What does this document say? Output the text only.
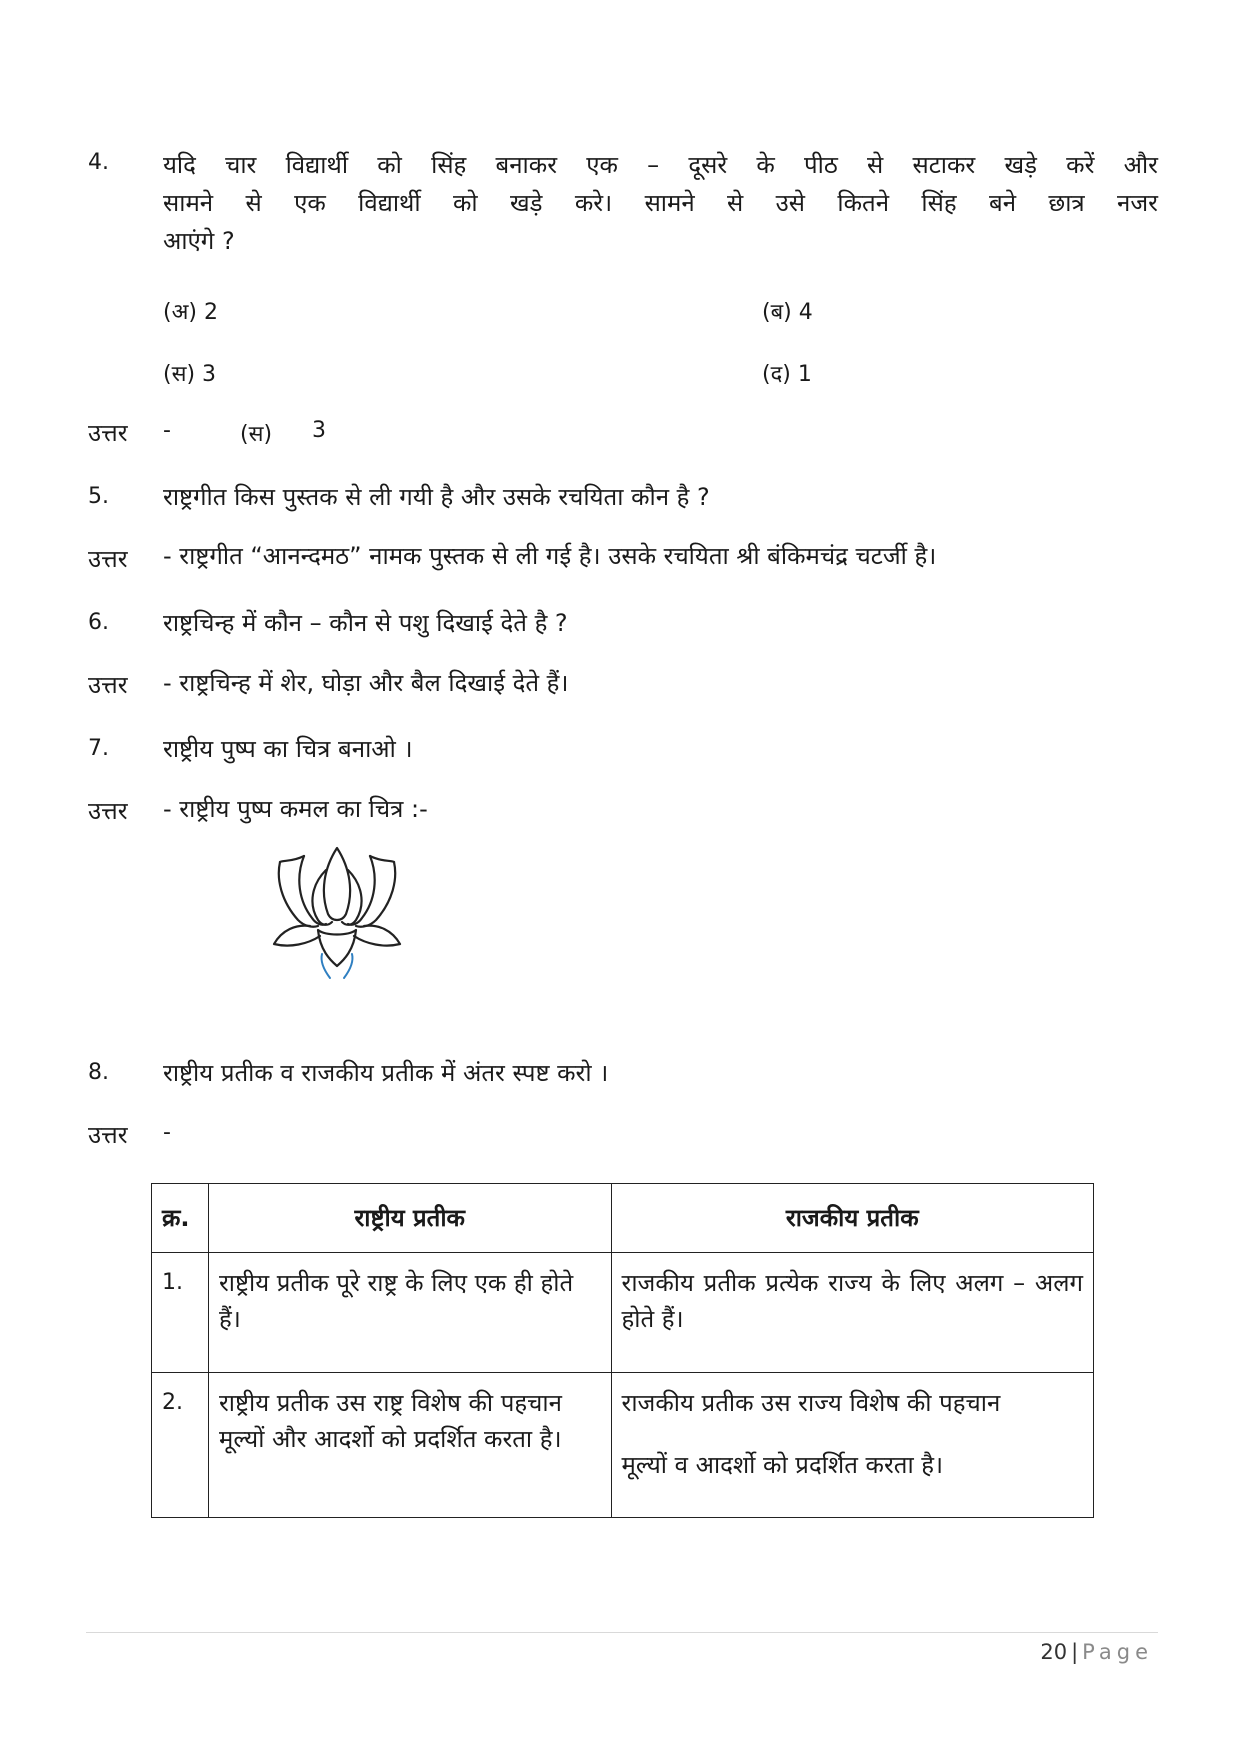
4. यदि चार विद्यार्थी को सिंह बनाकर एक – दूसरे के पीठ से सटाकर खड़े करें और
सामने से एक विद्यार्थी को खड़े करे। सामने से उसे कितने सिंह बने छात्र नजर
आएंगे ?
(अ) 2	(ब) 4
(स) 3	(द) 1
उत्तर -	(स) 3
5. राष्ट्रगीत किस पुस्तक से ली गयी है और उसके रचयिता कौन है ?
उत्तर - राष्ट्रगीत “आनन्दमठ” नामक पुस्तक से ली गई है। उसके रचयिता श्री बंकिमचंद्र चटर्जी है।
6. राष्ट्रचिन्ह में कौन – कौन से पशु दिखाई देते है ?
उत्तर - राष्ट्रचिन्ह में शेर, घोड़ा और बैल दिखाई देते हैं।
7. राष्ट्रीय पुष्प का चित्र बनाओ ।
उत्तर - राष्ट्रीय पुष्प कमल का चित्र :-
8. राष्ट्रीय प्रतीक व राजकीय प्रतीक में अंतर स्पष्ट करो ।
उत्तर -
क्र.	राष्ट्रीय प्रतीक	राजकीय प्रतीक
1.	राष्ट्रीय प्रतीक पूरे राष्ट्र के लिए एक ही होते हैं।	राजकीय प्रतीक प्रत्येक राज्य के लिए अलग – अलग होते हैं।
2.	राष्ट्रीय प्रतीक उस राष्ट्र विशेष की पहचान मूल्यों और आदर्शो को प्रदर्शित करता है।	राजकीय प्रतीक उस राज्य विशेष की पहचान
मूल्यों व आदर्शो को प्रदर्शित करता है।
20 | Page
